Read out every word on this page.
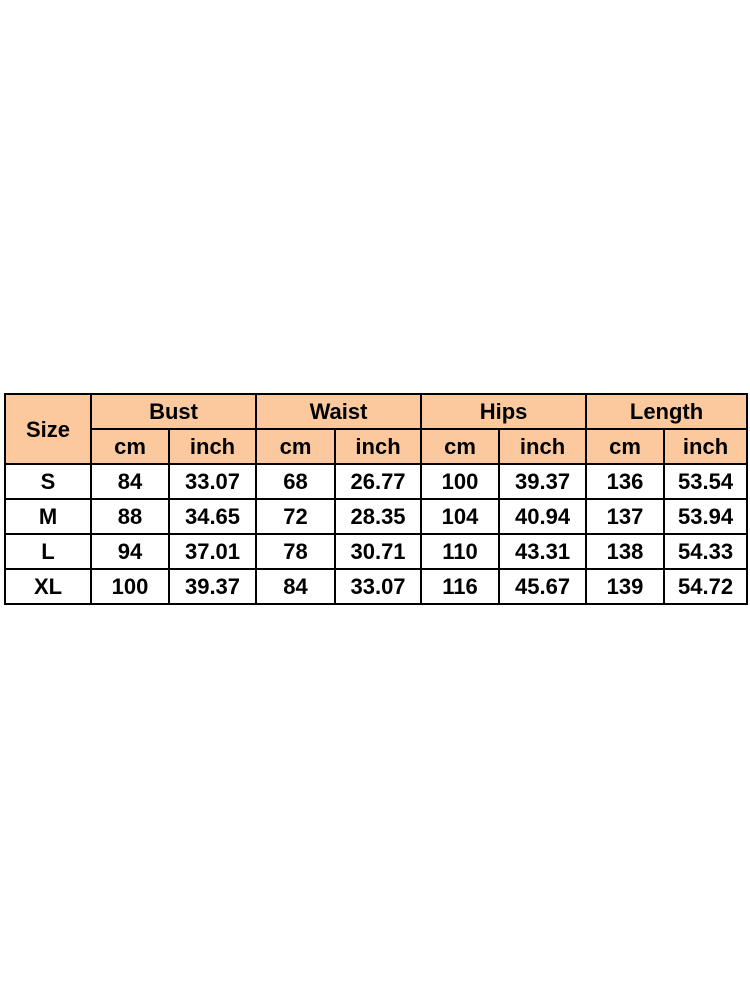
Size	Bust		Waist		Hips		Length	
	cm	inch	cm	inch	cm	inch	cm	inch
S	84	33.07	68	26.77	100	39.37	136	53.54
M	88	34.65	72	28.35	104	40.94	137	53.94
L	94	37.01	78	30.71	110	43.31	138	54.33
XL	100	39.37	84	33.07	116	45.67	139	54.72
